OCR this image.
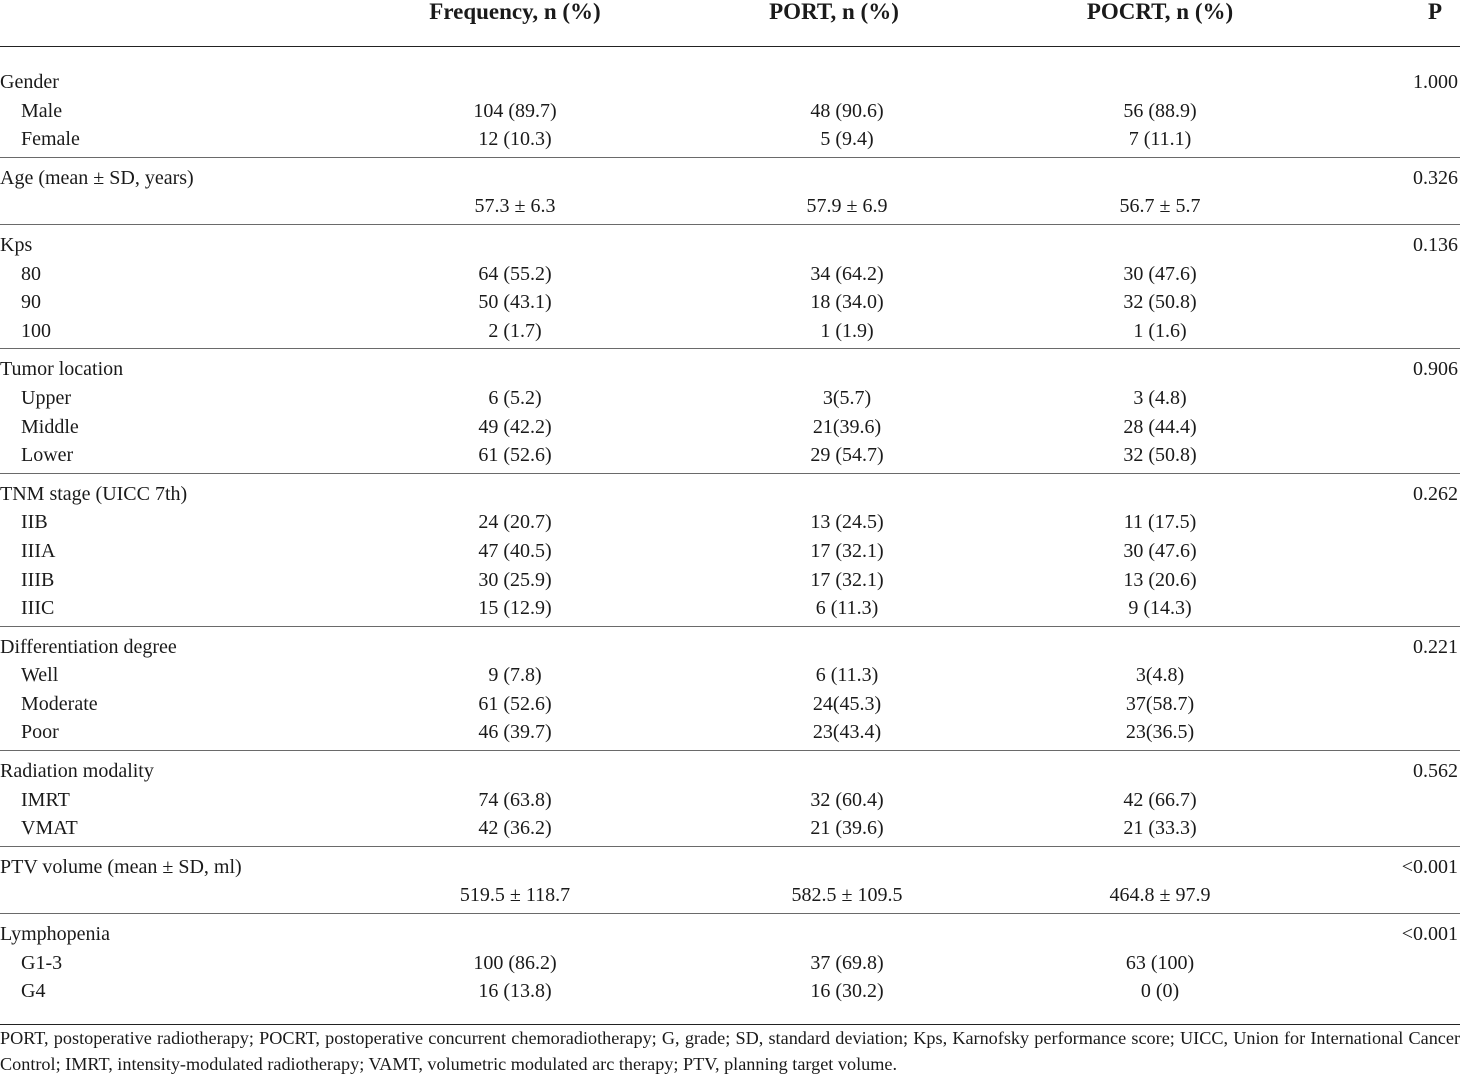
Frequency, n (%)	PORT, n (%)	POCRT, n (%)	P
Gender	1.000
Male	104 (89.7)	48 (90.6)	56 (88.9)
Female	12 (10.3)	5 (9.4)	7 (11.1)
Age (mean ± SD, years)	0.326
57.3 ± 6.3	57.9 ± 6.9	56.7 ± 5.7
Kps	0.136
80	64 (55.2)	34 (64.2)	30 (47.6)
90	50 (43.1)	18 (34.0)	32 (50.8)
100	2 (1.7)	1 (1.9)	1 (1.6)
Tumor location	0.906
Upper	6 (5.2)	3(5.7)	3 (4.8)
Middle	49 (42.2)	21(39.6)	28 (44.4)
Lower	61 (52.6)	29 (54.7)	32 (50.8)
TNM stage (UICC 7th)	0.262
IIB	24 (20.7)	13 (24.5)	11 (17.5)
IIIA	47 (40.5)	17 (32.1)	30 (47.6)
IIIB	30 (25.9)	17 (32.1)	13 (20.6)
IIIC	15 (12.9)	6 (11.3)	9 (14.3)
Differentiation degree	0.221
Well	9 (7.8)	6 (11.3)	3(4.8)
Moderate	61 (52.6)	24(45.3)	37(58.7)
Poor	46 (39.7)	23(43.4)	23(36.5)
Radiation modality	0.562
IMRT	74 (63.8)	32 (60.4)	42 (66.7)
VMAT	42 (36.2)	21 (39.6)	21 (33.3)
PTV volume (mean ± SD, ml)	<0.001
519.5 ± 118.7	582.5 ± 109.5	464.8 ± 97.9
Lymphopenia	<0.001
G1-3	100 (86.2)	37 (69.8)	63 (100)
G4	16 (13.8)	16 (30.2)	0 (0)
PORT, postoperative radiotherapy; POCRT, postoperative concurrent chemoradiotherapy; G, grade; SD, standard deviation; Kps, Karnofsky performance score; UICC, Union for International Cancer Control; IMRT, intensity-modulated radiotherapy; VAMT, volumetric modulated arc therapy; PTV, planning target volume.
